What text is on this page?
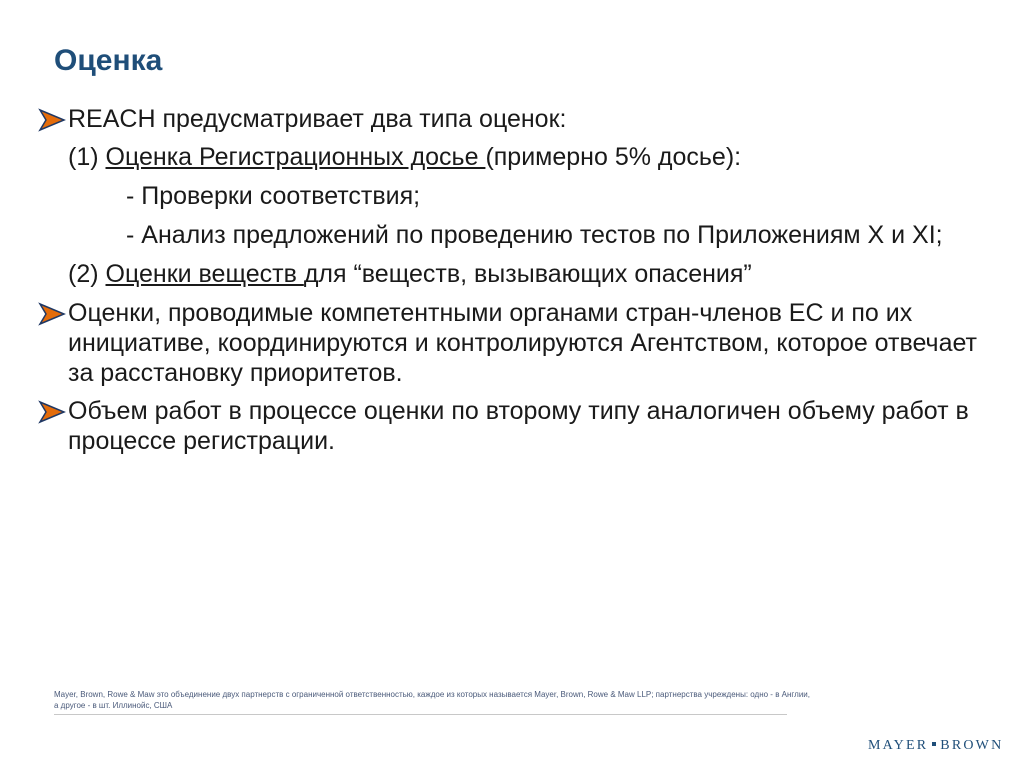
Оценка
REACH предусматривает два типа оценок:
(1) Оценка Регистрационных досье (примерно 5% досье):
- Проверки соответствия;
- Анализ предложений по проведению тестов по Приложениям X и XI;
(2) Оценки веществ для “веществ, вызывающих опасения”
Оценки, проводимые компетентными органами стран-членов ЕС и по их инициативе, координируются и контролируются Агентством, которое отвечает за расстановку приоритетов.
Объем работ в процессе оценки по второму типу аналогичен объему работ в процессе регистрации.
Mayer, Brown, Rowe & Maw это объединение двух партнерств с ограниченной ответственностью, каждое из которых называется Mayer, Brown, Rowe & Maw LLP; партнерства учреждены: одно - в Англии, а другое - в шт. Иллинойс, США
MAYER BROWN
